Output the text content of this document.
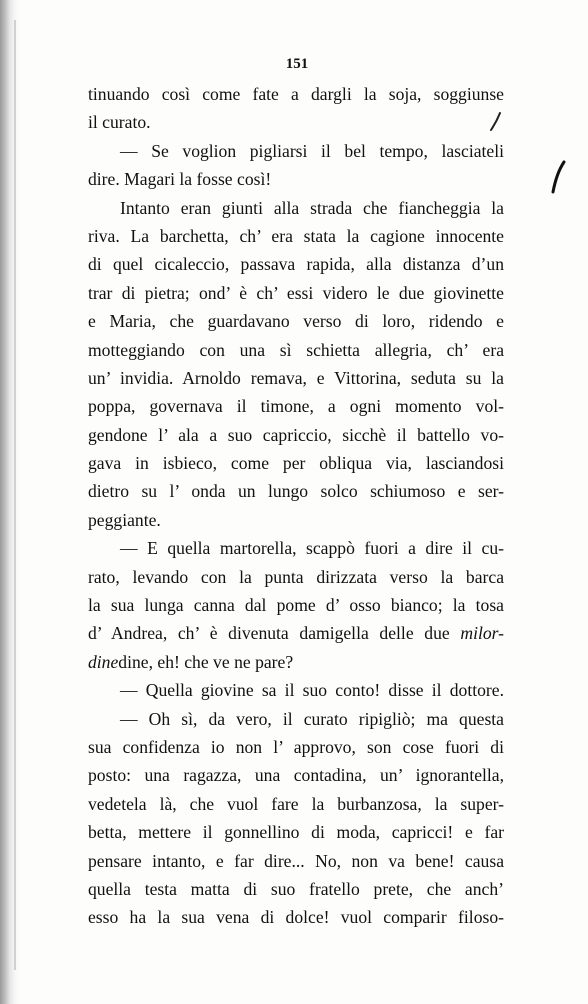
151
tinuando così come fate a dargli la soja, soggiunse
il curato.
— Se voglion pigliarsi il bel tempo, lasciateli
dire. Magari la fosse così!
Intanto eran giunti alla strada che fiancheggia la
riva. La barchetta, ch’ era stata la cagione innocente
di quel cicaleccio, passava rapida, alla distanza d’un
trar di pietra; ond’ è ch’ essi videro le due giovinette
e Maria, che guardavano verso di loro, ridendo e
motteggiando con una sì schietta allegria, ch’ era
un’ invidia. Arnoldo remava, e Vittorina, seduta su la
poppa, governava il timone, a ogni momento vol-
gendone l’ ala a suo capriccio, sicchè il battello vo-
gava in isbieco, come per obliqua via, lasciandosi
dietro su l’ onda un lungo solco schiumoso e ser-
peggiante.
— E quella martorella, scappò fuori a dire il cu-
rato, levando con la punta dirizzata verso la barca
la sua lunga canna dal pome d’ osso bianco; la tosa
d’ Andrea, ch’ è divenuta damigella delle due milor-
dinedine, eh! che ve ne pare?
— Quella giovine sa il suo conto! disse il dottore.
— Oh sì, da vero, il curato ripigliò; ma questa
sua confidenza io non l’ approvo, son cose fuori di
posto: una ragazza, una contadina, un’ ignorantella,
vedetela là, che vuol fare la burbanzosa, la super-
betta, mettere il gonnellino di moda, capricci! e far
pensare intanto, e far dire... No, non va bene! causa
quella testa matta di suo fratello prete, che anch’
esso ha la sua vena di dolce! vuol comparir filoso-
